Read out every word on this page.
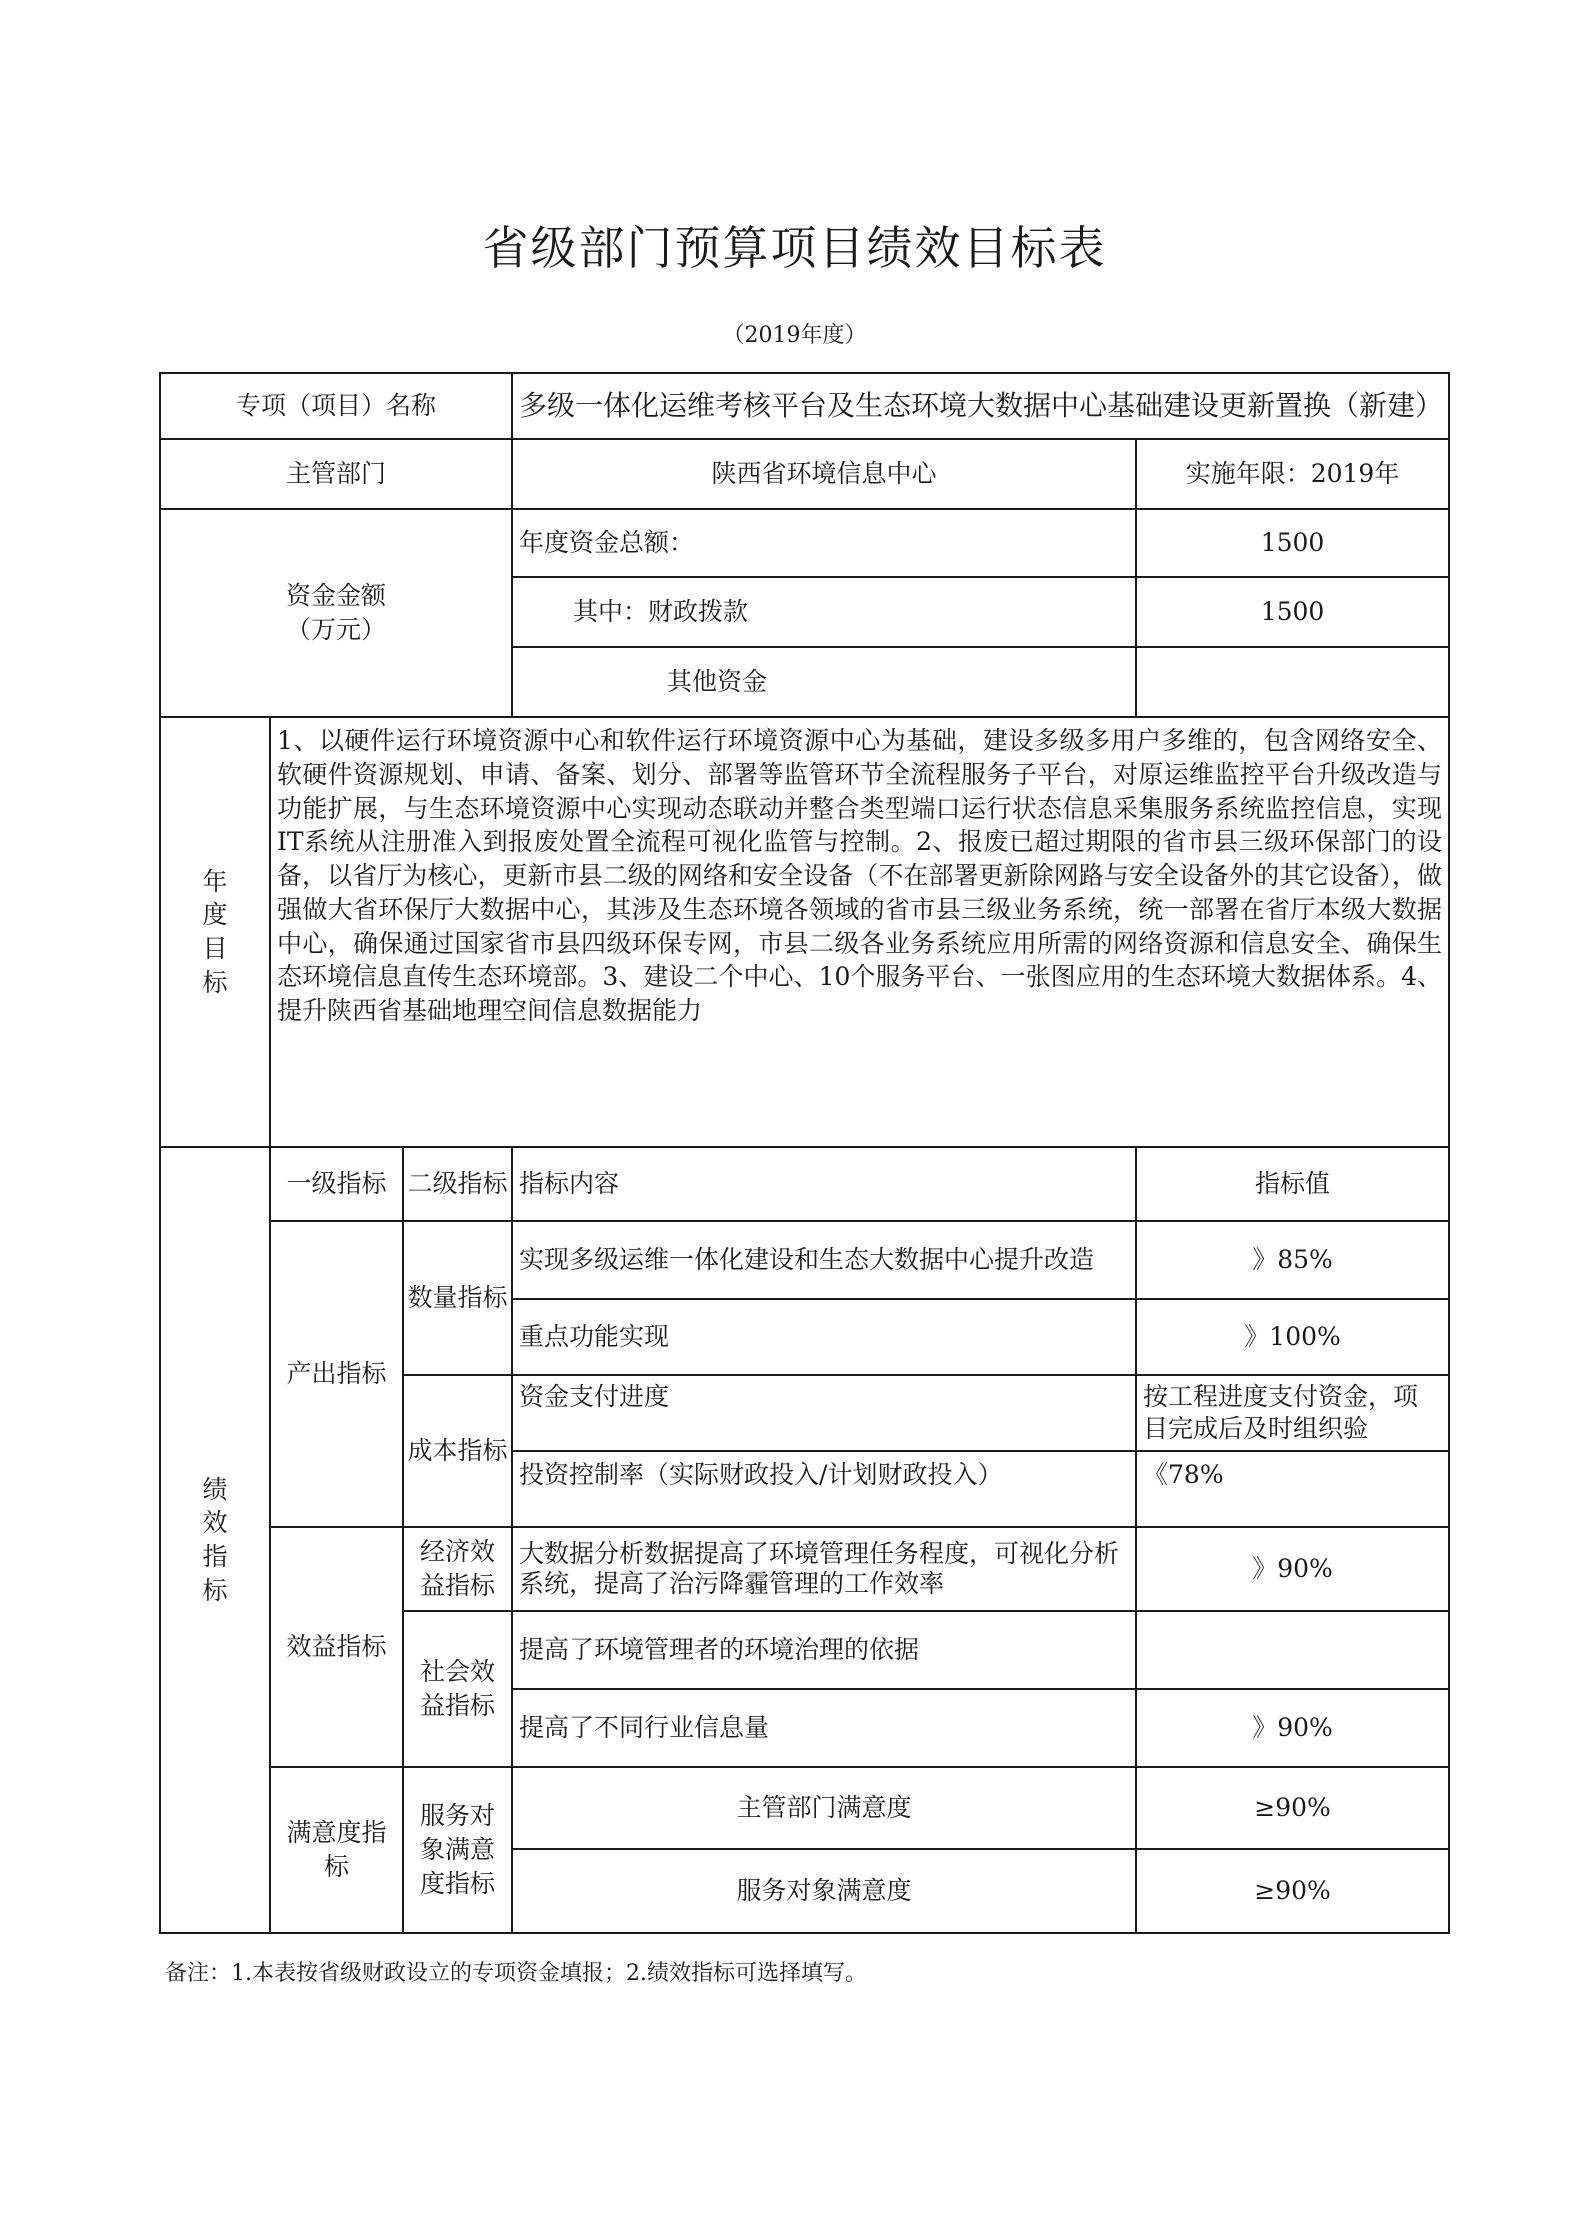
省级部门预算项目绩效目标表
（2019年度）
专项（项目）名称			多级一体化运维考核平台及生态环境大数据中心基础建设更新置换（新建）	
主管部门			陕西省环境信息中心	实施年限：2019年
资金金额
（万元）			年度资金总额：	1500
			其中：财政拨款	1500
			其他资金	
年度目标	1、以硬件运行环境资源中心和软件运行环境资源中心为基础，建设多级多用户多维的，包含网络安全、软硬件资源规划、申请、备案、划分、部署等监管环节全流程服务子平台，对原运维监控平台升级改造与功能扩展，与生态环境资源中心实现动态联动并整合类型端口运行状态信息采集服务系统监控信息，实现IT系统从注册准入到报废处置全流程可视化监管与控制。2、报废已超过期限的省市县三级环保部门的设备，以省厅为核心，更新市县二级的网络和安全设备（不在部署更新除网路与安全设备外的其它设备），做强做大省环保厅大数据中心，其涉及生态环境各领域的省市县三级业务系统，统一部署在省厅本级大数据中心，确保通过国家省市县四级环保专网，市县二级各业务系统应用所需的网络资源和信息安全、确保生态环境信息直传生态环境部。3、建设二个中心、10个服务平台、一张图应用的生态环境大数据体系。4、提升陕西省基础地理空间信息数据能力			
绩效指标	一级指标	二级指标	指标内容	指标值
	产出指标	数量指标	实现多级运维一体化建设和生态大数据中心提升改造	》85%
			重点功能实现	》100%
		成本指标	资金支付进度	按工程进度支付资金，项目完成后及时组织验
			投资控制率（实际财政投入/计划财政投入）	《78%
	效益指标	经济效益指标	大数据分析数据提高了环境管理任务程度，可视化分析系统，提高了治污降霾管理的工作效率	》90%
		社会效益指标	提高了环境管理者的环境治理的依据	
			提高了不同行业信息量	》90%
	满意度指标	服务对象满意度指标	主管部门满意度	≥90%
			服务对象满意度	≥90%
备注：1.本表按省级财政设立的专项资金填报；2.绩效指标可选择填写。
